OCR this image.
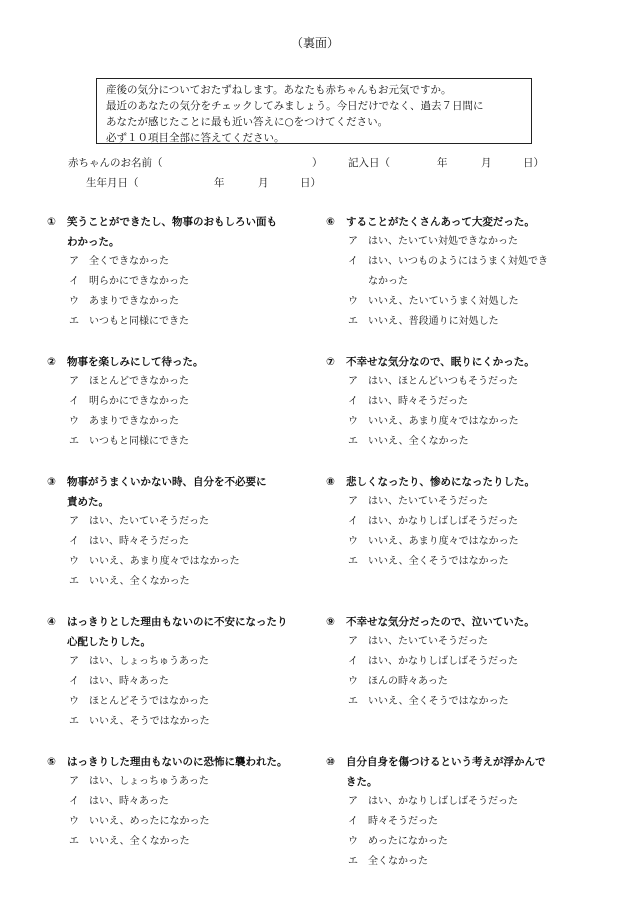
（裏面）
産後の気分についておたずねします。あなたも赤ちゃんもお元気ですか。
最近のあなたの気分をチェックしてみましょう。今日だけでなく、過去７日間に
あなたが感じたことに最も近い答えに○をつけてください。
必ず１０項目全部に答えてください。
赤ちゃんのお名前（	） 記入日（	年	月	日）
生年月日（	年	月	日）
① 笑うことができたし、物事のおもしろい面も
わかった。
ア 全くできなかった
イ 明らかにできなかった
ウ あまりできなかった
エ いつもと同様にできた
② 物事を楽しみにして待った。
ア ほとんどできなかった
イ 明らかにできなかった
ウ あまりできなかった
エ いつもと同様にできた
③ 物事がうまくいかない時、自分を不必要に
責めた。
ア はい、たいていそうだった
イ はい、時々そうだった
ウ いいえ、あまり度々ではなかった
エ いいえ、全くなかった
④ はっきりとした理由もないのに不安になったり
心配したりした。
ア はい、しょっちゅうあった
イ はい、時々あった
ウ ほとんどそうではなかった
エ いいえ、そうではなかった
⑤ はっきりした理由もないのに恐怖に襲われた。
ア はい、しょっちゅうあった
イ はい、時々あった
ウ いいえ、めったになかった
エ いいえ、全くなかった
⑥ することがたくさんあって大変だった。
ア はい、たいてい対処できなかった
イ はい、いつものようにはうまく対処でき
なかった
ウ いいえ、たいていうまく対処した
エ いいえ、普段通りに対処した
⑦ 不幸せな気分なので、眠りにくかった。
ア はい、ほとんどいつもそうだった
イ はい、時々そうだった
ウ いいえ、あまり度々ではなかった
エ いいえ、全くなかった
⑧ 悲しくなったり、惨めになったりした。
ア はい、たいていそうだった
イ はい、かなりしばしばそうだった
ウ いいえ、あまり度々ではなかった
エ いいえ、全くそうではなかった
⑨ 不幸せな気分だったので、泣いていた。
ア はい、たいていそうだった
イ はい、かなりしばしばそうだった
ウ ほんの時々あった
エ いいえ、全くそうではなかった
⑩ 自分自身を傷つけるという考えが浮かんで
きた。
ア はい、かなりしばしばそうだった
イ 時々そうだった
ウ めったになかった
エ 全くなかった
